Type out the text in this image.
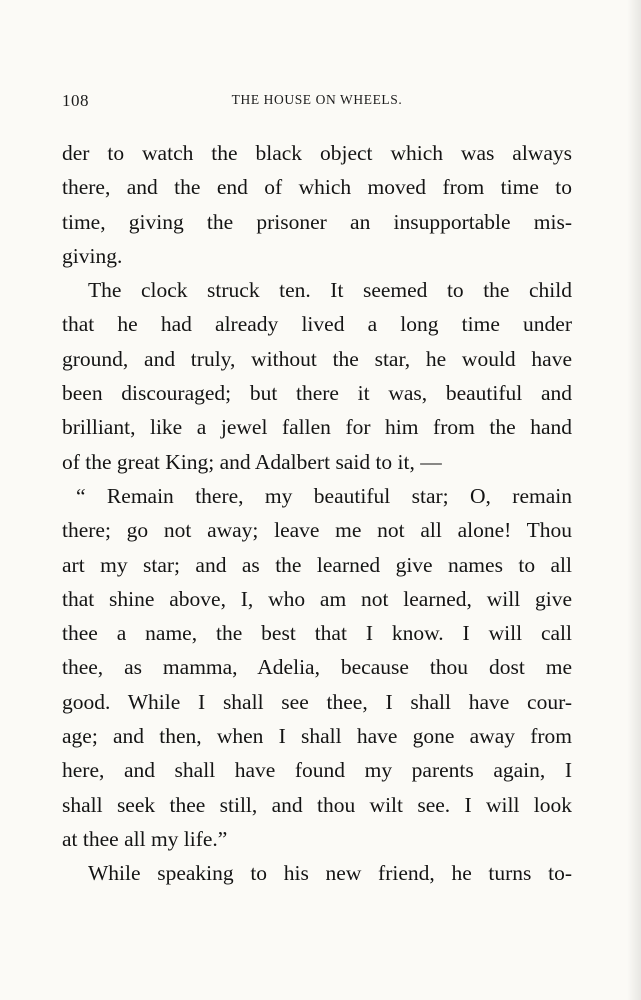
108	THE HOUSE ON WHEELS.
der to watch the black object which was always
there, and the end of which moved from time to
time, giving the prisoner an insupportable mis-
giving.
The clock struck ten. It seemed to the child
that he had already lived a long time under
ground, and truly, without the star, he would have
been discouraged; but there it was, beautiful and
brilliant, like a jewel fallen for him from the hand
of the great King; and Adalbert said to it, —
“ Remain there, my beautiful star; O, remain
there; go not away; leave me not all alone! Thou
art my star; and as the learned give names to all
that shine above, I, who am not learned, will give
thee a name, the best that I know. I will call
thee, as mamma, Adelia, because thou dost me
good. While I shall see thee, I shall have cour-
age; and then, when I shall have gone away from
here, and shall have found my parents again, I
shall seek thee still, and thou wilt see. I will look
at thee all my life.”
While speaking to his new friend, he turns to-
